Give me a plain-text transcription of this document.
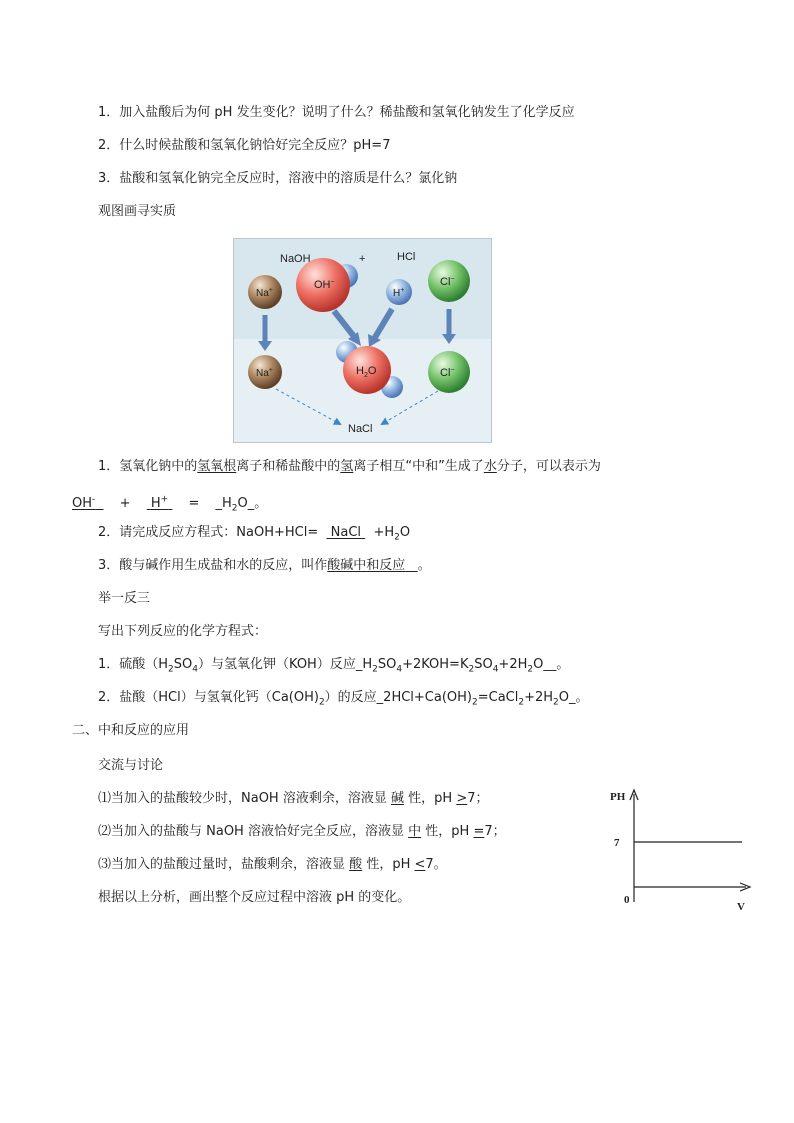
1．加入盐酸后为何 pH 发生变化？说明了什么？稀盐酸和氢氧化钠发生了化学反应
2．什么时候盐酸和氢氧化钠恰好完全反应？pH=7
3．盐酸和氢氧化钠完全反应时，溶液中的溶质是什么？氯化钠
观图画寻实质
NaOH	+	HCl
Na+	OH−
H+
Cl−
$H_2O$
Na+	Cl−
NaCl
1．氢氧化钠中的氢氧根离子和稀盐酸中的氢离子相互“中和”生成了水分子，可以表示为
$OH^- + H^+ = \_H_2O\_$。
2．请完成反应方程式：NaOH+HCl= NaCl $+H_2O$
3．酸与碱作用生成盐和水的反应，叫作酸碱中和反应 。
举一反三
写出下列反应的化学方程式：
1．硫酸$(H_2SO_4)$与氢氧化钾（KOH）反应$\_H_2SO_4+2KOH=K_2SO_4+2H_2O\_\_$。
2．盐酸（HCl）与氢氧化钙$(Ca(OH)_2)$的反应$\_2HCl+Ca(OH)_2=CaCl_2+2H_2O\_$。
二、中和反应的应用
交流与讨论
⑴当加入的盐酸较少时，NaOH 溶液剩余，溶液显 碱 性，pH >7；
⑵当加入的盐酸与 NaOH 溶液恰好完全反应，溶液显 中 性，pH =7；
⑶当加入的盐酸过量时，盐酸剩余，溶液显 酸 性，pH <7。
根据以上分析，画出整个反应过程中溶液 pH 的变化。
PH
V
0
7
